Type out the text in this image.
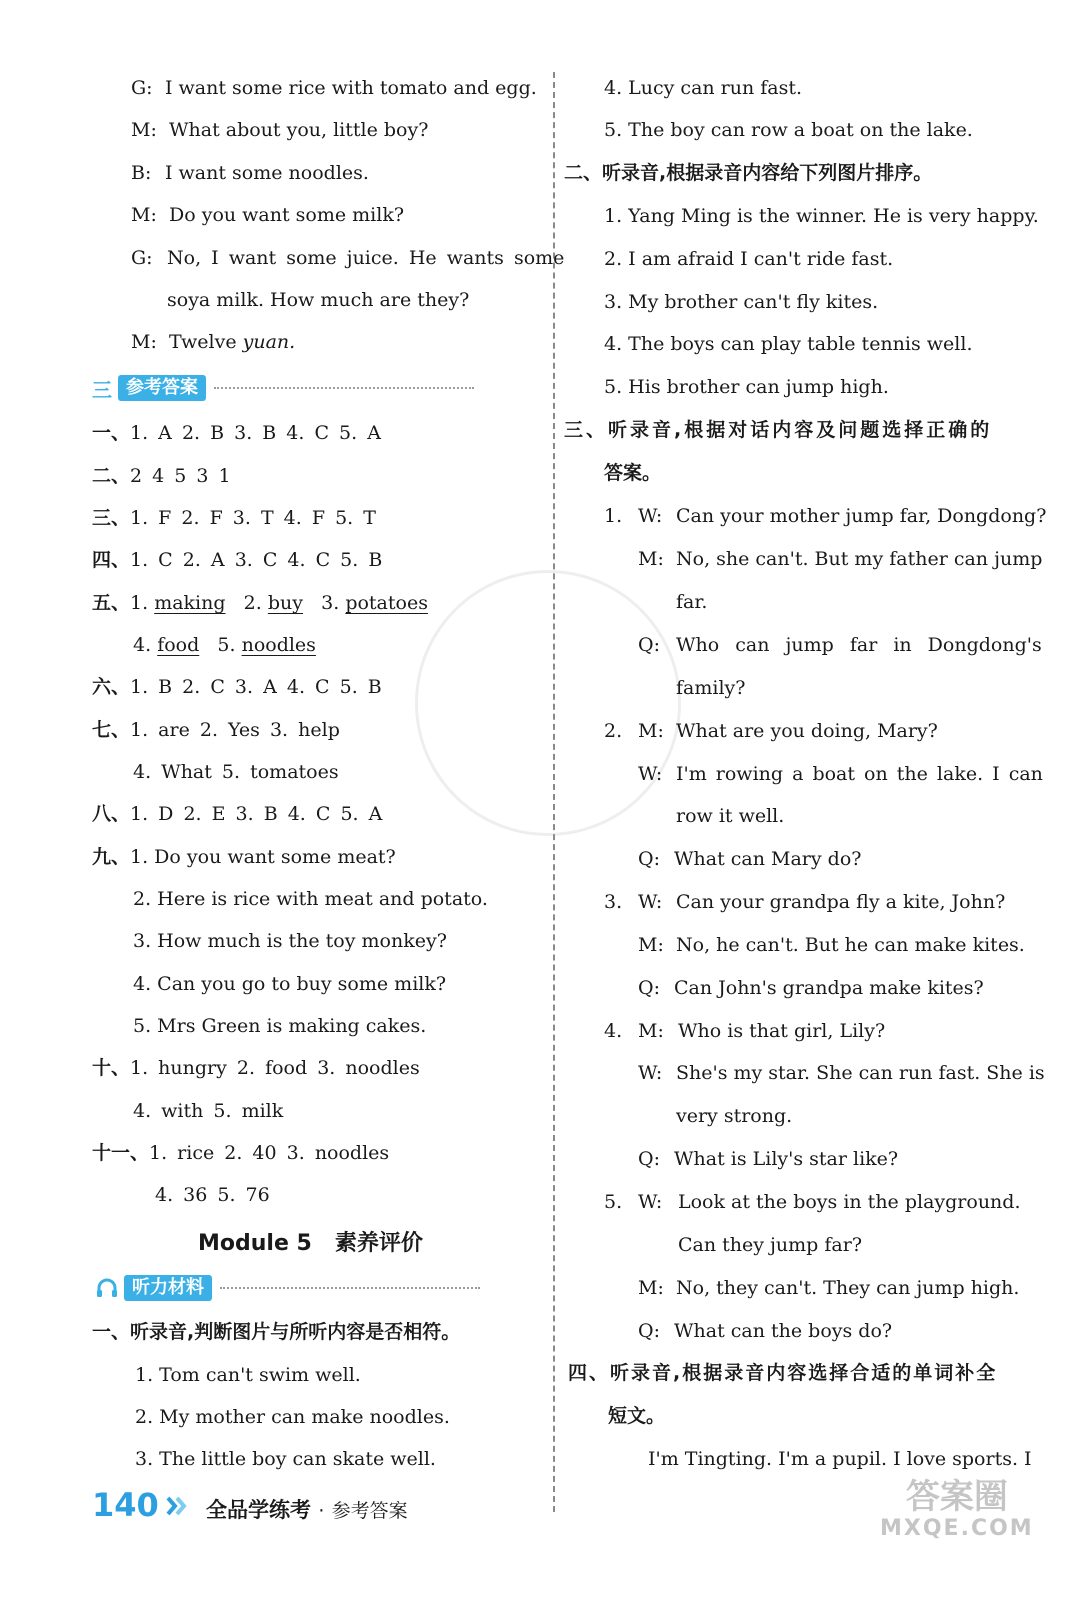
G: I want some rice with tomato and egg.
M: What about you, little boy?
B: I want some noodles.
M: Do you want some milk?
G: No, I want some juice. He wants some
soya milk. How much are they?
M: Twelve yuan.
三 参考答案
一、1. A 2. B 3. B 4. C 5. A
二、2 4 5 3 1
三、1. F 2. F 3. T 4. F 5. T
四、1. C 2. A 3. C 4. C 5. B
五、1. making 2. buy 3. potatoes
4. food 5. noodles
六、1. B 2. C 3. A 4. C 5. B
七、1. are 2. Yes 3. help
4. What 5. tomatoes
八、1. D 2. E 3. B 4. C 5. A
九、1. Do you want some meat?
2. Here is rice with meat and potato.
3. How much is the toy monkey?
4. Can you go to buy some milk?
5. Mrs Green is making cakes.
十、1. hungry 2. food 3. noodles
4. with 5. milk
十一、1. rice 2. 40 3. noodles
4. 36 5. 76
Module 5 素养评价
听力材料
一、听录音,判断图片与所听内容是否相符。
1. Tom can't swim well.
2. My mother can make noodles.
3. The little boy can skate well.
4. Lucy can run fast.
5. The boy can row a boat on the lake.
二、听录音,根据录音内容给下列图片排序。
1. Yang Ming is the winner. He is very happy.
2. I am afraid I can't ride fast.
3. My brother can't fly kites.
4. The boys can play table tennis well.
5. His brother can jump high.
三、听录音,根据对话内容及问题选择正确的
答案。
1. W: Can your mother jump far, Dongdong?
M: No, she can't. But my father can jump
far.
Q: Who can jump far in Dongdong's
family?
2. M: What are you doing, Mary?
W: I'm rowing a boat on the lake. I can
row it well.
Q: What can Mary do?
3. W: Can your grandpa fly a kite, John?
M: No, he can't. But he can make kites.
Q: Can John's grandpa make kites?
4. M: Who is that girl, Lily?
W: She's my star. She can run fast. She is
very strong.
Q: What is Lily's star like?
5. W: Look at the boys in the playground.
Can they jump far?
M: No, they can't. They can jump high.
Q: What can the boys do?
四、听录音,根据录音内容选择合适的单词补全
短文。
I'm Tingting. I'm a pupil. I love sports. I
140 全品学练考 · 参考答案	答案圈
MXQE.COM
